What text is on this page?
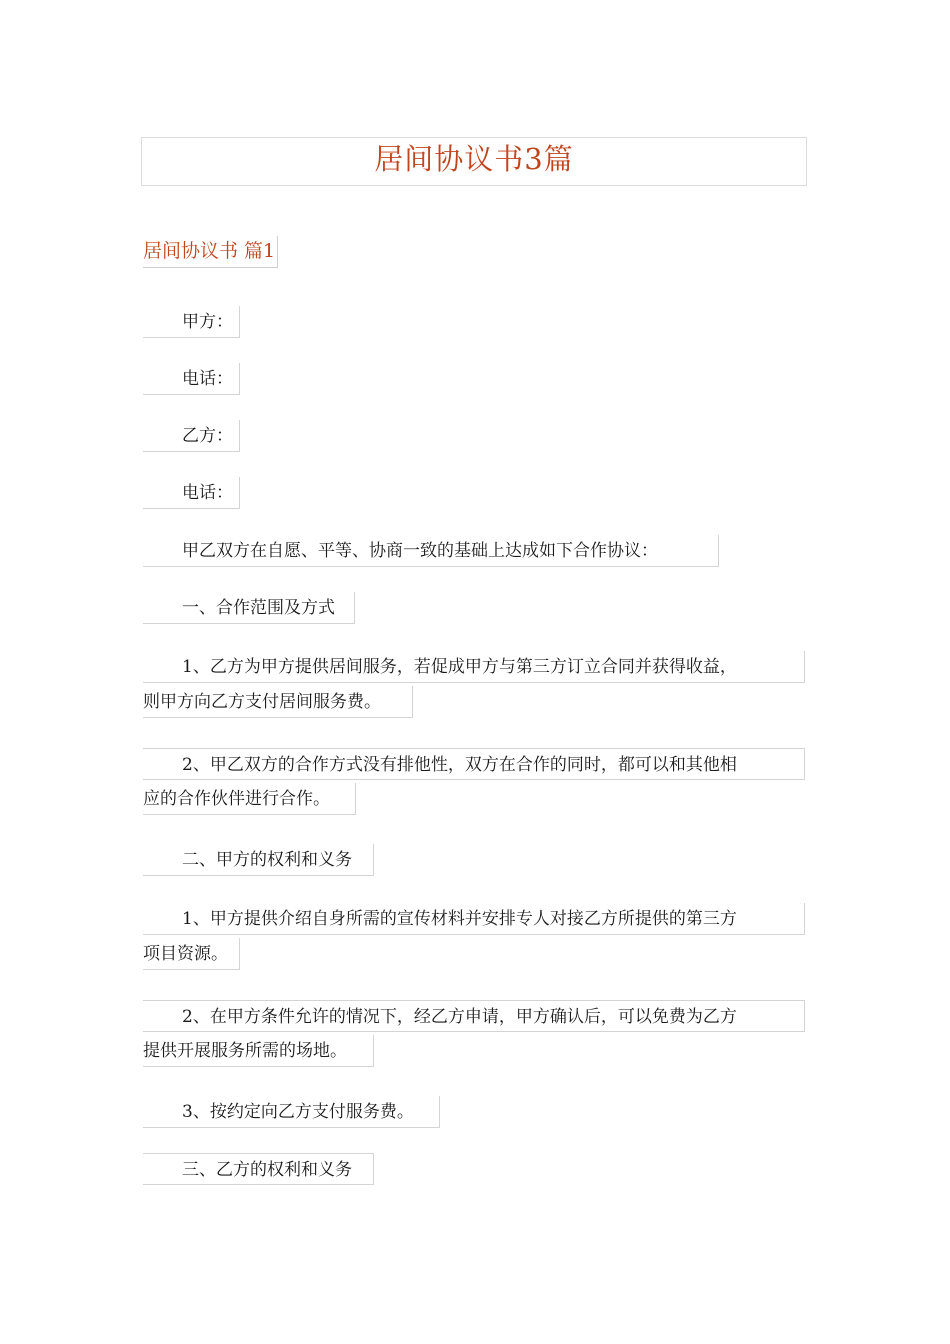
居间协议书3篇
居间协议书 篇1
甲方：
电话：
乙方：
电话：
甲乙双方在自愿、平等、协商一致的基础上达成如下合作协议：
一、合作范围及方式
1、乙方为甲方提供居间服务，若促成甲方与第三方订立合同并获得收益，
则甲方向乙方支付居间服务费。
2、甲乙双方的合作方式没有排他性，双方在合作的同时，都可以和其他相
应的合作伙伴进行合作。
二、甲方的权利和义务
1、甲方提供介绍自身所需的宣传材料并安排专人对接乙方所提供的第三方
项目资源。
2、在甲方条件允许的情况下，经乙方申请，甲方确认后，可以免费为乙方
提供开展服务所需的场地。
3、按约定向乙方支付服务费。
三、乙方的权利和义务
